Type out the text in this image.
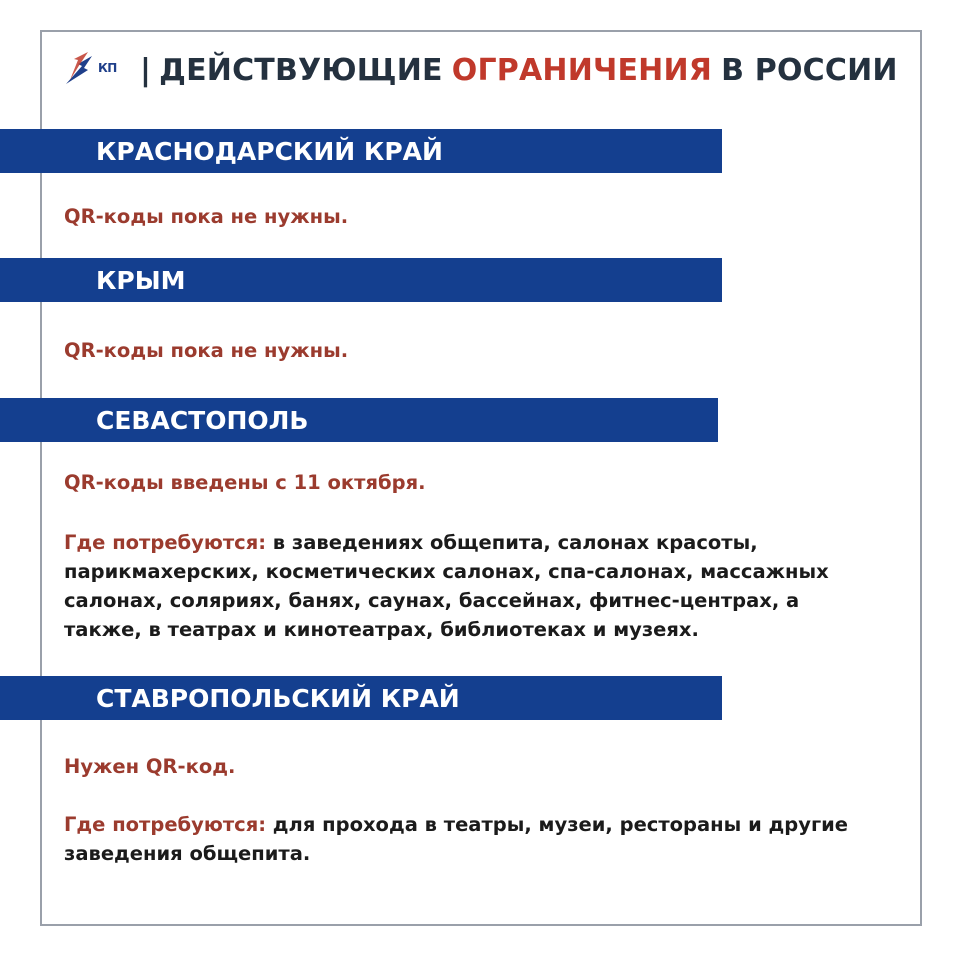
КП | ДЕЙСТВУЮЩИЕ ОГРАНИЧЕНИЯ В РОССИИ
КРАСНОДАРСКИЙ КРАЙ
QR-коды пока не нужны.
КРЫМ
QR-коды пока не нужны.
СЕВАСТОПОЛЬ
QR-коды введены с 11 октября.
Где потребуются: в заведениях общепита, салонах красоты,
парикмахерских, косметических салонах, спа-салонах, массажных
салонах, соляриях, банях, саунах, бассейнах, фитнес-центрах, а
также, в театрах и кинотеатрах, библиотеках и музеях.
СТАВРОПОЛЬСКИЙ КРАЙ
Нужен QR-код.
Где потребуются: для прохода в театры, музеи, рестораны и другие
заведения общепита.
